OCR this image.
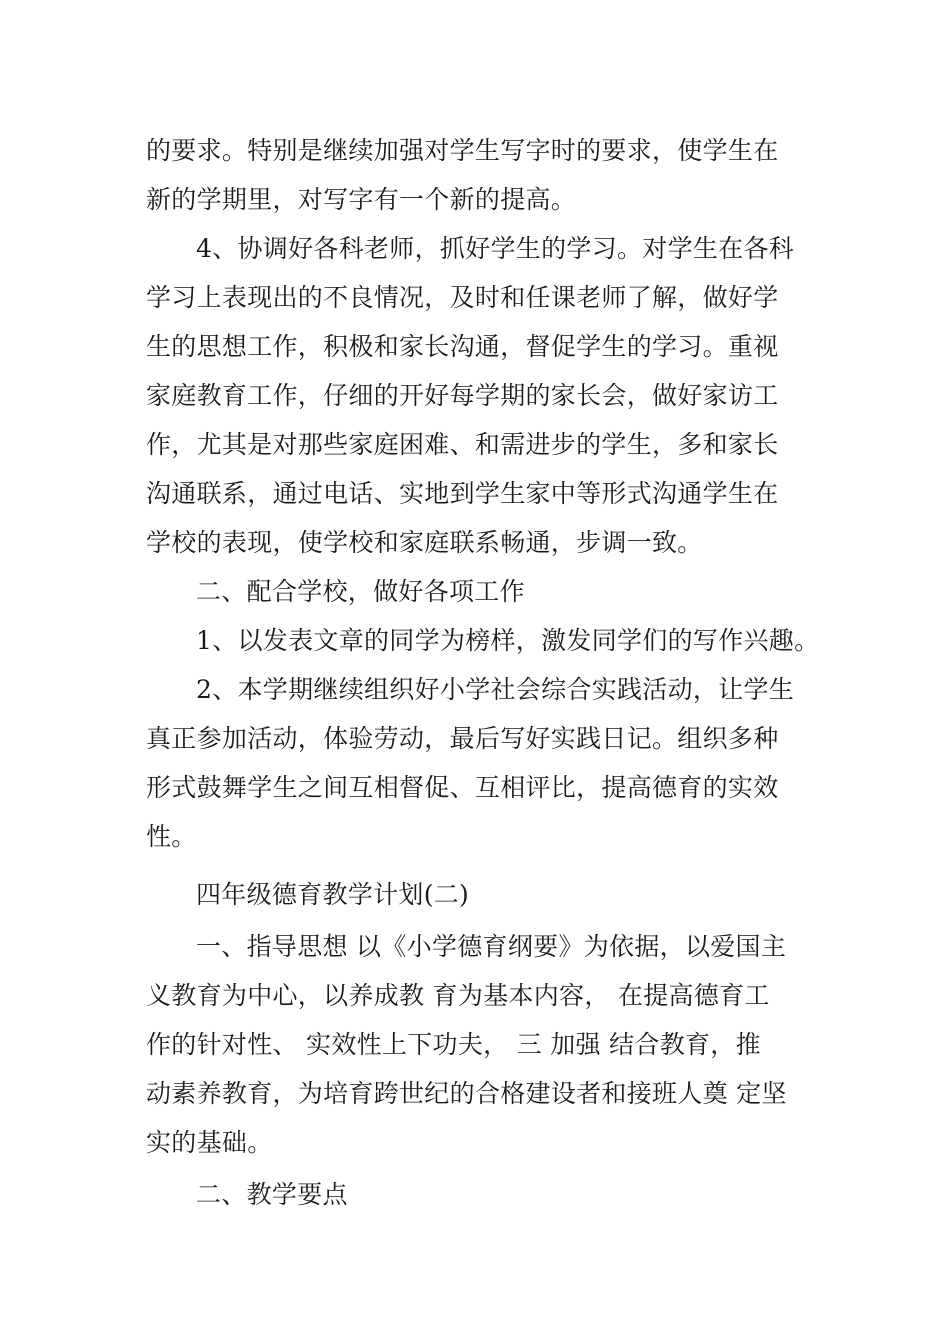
的要求。特别是继续加强对学生写字时的要求，使学生在
新的学期里，对写字有一个新的提高。
4、协调好各科老师，抓好学生的学习。对学生在各科
学习上表现出的不良情况，及时和任课老师了解，做好学
生的思想工作，积极和家长沟通，督促学生的学习。重视
家庭教育工作，仔细的开好每学期的家长会，做好家访工
作，尤其是对那些家庭困难、和需进步的学生，多和家长
沟通联系，通过电话、实地到学生家中等形式沟通学生在
学校的表现，使学校和家庭联系畅通，步调一致。
二、配合学校，做好各项工作
1、以发表文章的同学为榜样，激发同学们的写作兴趣。
2、本学期继续组织好小学社会综合实践活动，让学生
真正参加活动，体验劳动，最后写好实践日记。组织多种
形式鼓舞学生之间互相督促、互相评比，提高德育的实效
性。
四年级德育教学计划(二)
一、指导思想 以《小学德育纲要》为依据，以爱国主
义教育为中心，以养成教 育为基本内容， 在提高德育工
作的针对性、 实效性上下功夫， 三 加强 结合教育，推
动素养教育，为培育跨世纪的合格建设者和接班人奠 定坚
实的基础。
二、教学要点
